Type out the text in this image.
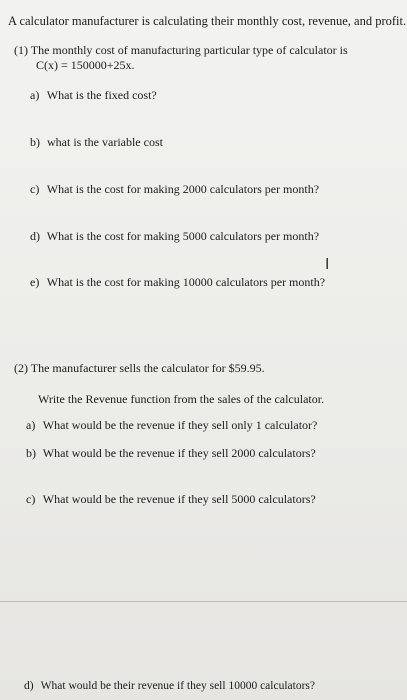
A calculator manufacturer is calculating their monthly cost, revenue, and profit.
(1) The monthly cost of manufacturing particular type of calculator is
C(x) = 150000+25x.
a) What is the fixed cost?
b) what is the variable cost
c) What is the cost for making 2000 calculators per month?
d) What is the cost for making 5000 calculators per month?
e) What is the cost for making 10000 calculators per month?
I
(2) The manufacturer sells the calculator for $59.95.
Write the Revenue function from the sales of the calculator.
a) What would be the revenue if they sell only 1 calculator?
b) What would be the revenue if they sell 2000 calculators?
c) What would be the revenue if they sell 5000 calculators?
d) What would be their revenue if they sell 10000 calculators?
